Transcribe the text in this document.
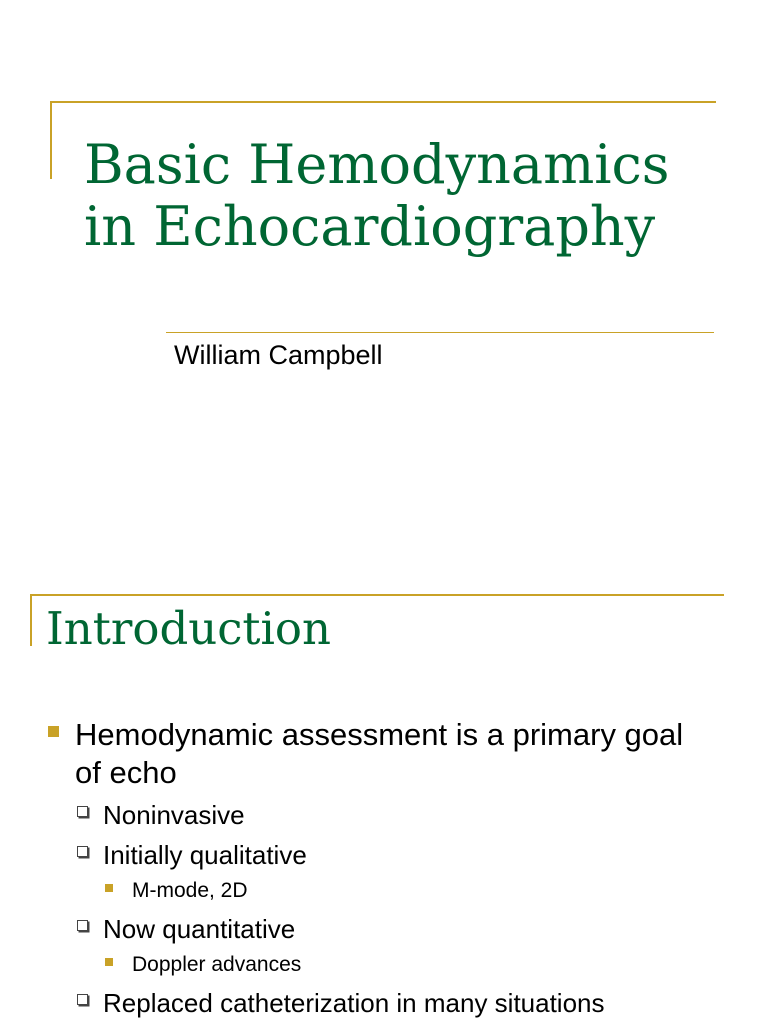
Basic Hemodynamics
in Echocardiography
William Campbell
Introduction
Hemodynamic assessment is a primary goal
of echo
Noninvasive
Initially qualitative
M-mode, 2D
Now quantitative
Doppler advances
Replaced catheterization in many situations
